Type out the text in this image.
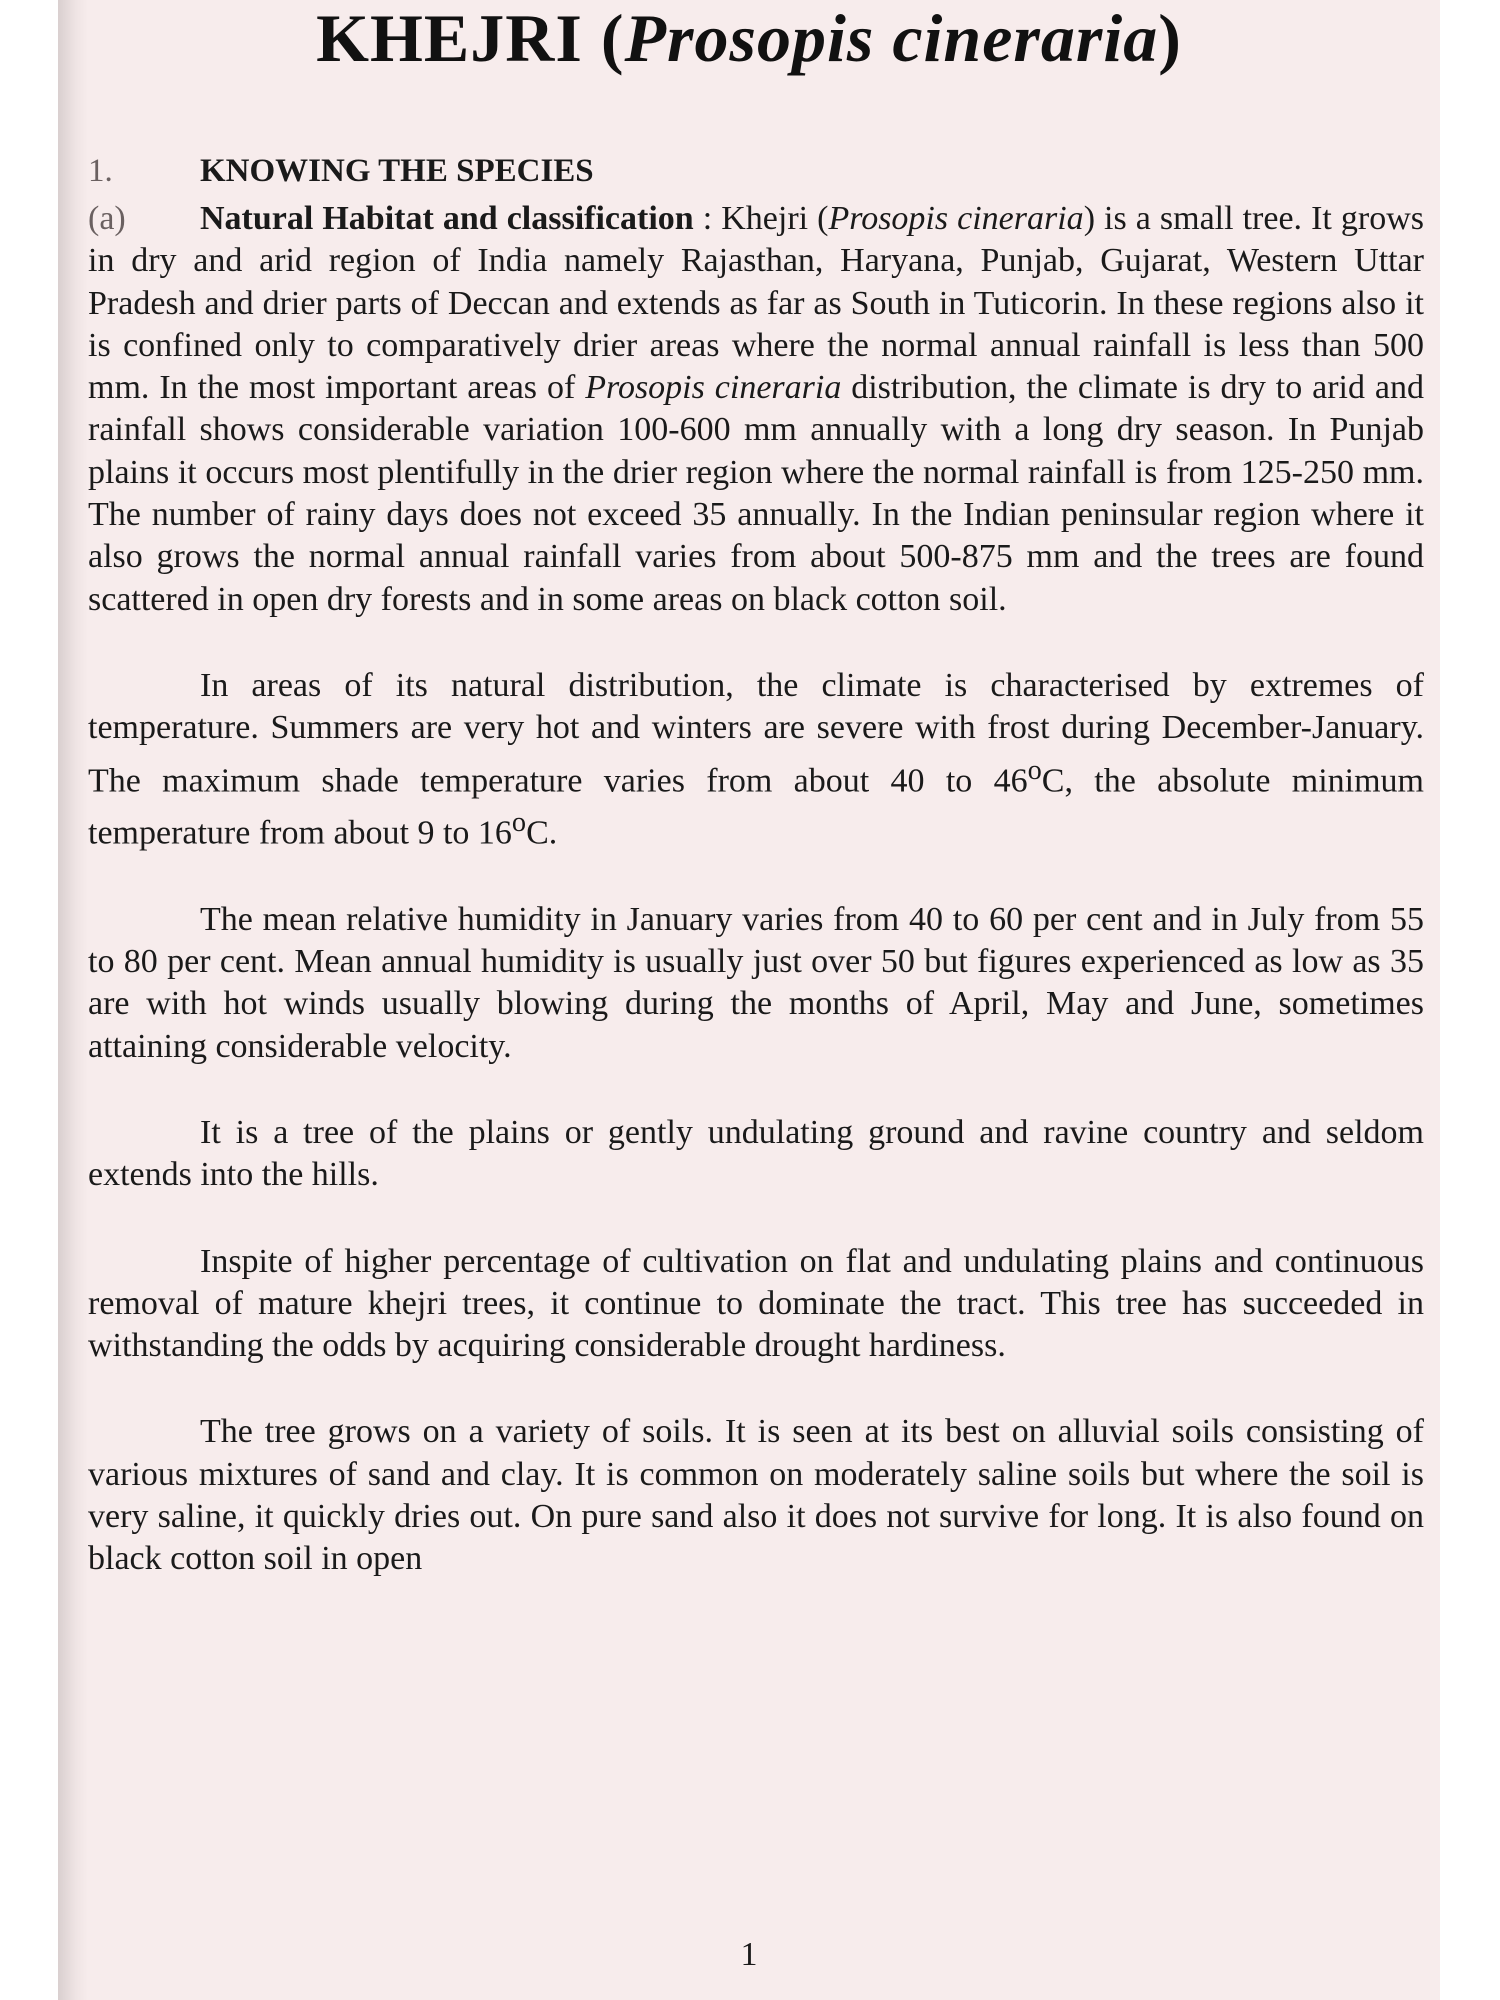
KHEJRI (Prosopis cineraria)
1.	KNOWING THE SPECIES

(a) Natural Habitat and classification : Khejri (Prosopis cineraria) is a small tree. It grows in dry and arid region of India namely Rajasthan, Haryana, Punjab, Gujarat, Western Uttar Pradesh and drier parts of Deccan and extends as far as South in Tuticorin. In these regions also it is confined only to comparatively drier areas where the normal annual rainfall is less than 500 mm. In the most important areas of Prosopis cineraria distribution, the climate is dry to arid and rainfall shows considerable variation 100-600 mm annually with a long dry season. In Punjab plains it occurs most plentifully in the drier region where the normal rainfall is from 125-250 mm. The number of rainy days does not exceed 35 annually. In the Indian peninsular region where it also grows the normal annual rainfall varies from about 500-875 mm and the trees are found scattered in open dry forests and in some areas on black cotton soil.

In areas of its natural distribution, the climate is characterised by extremes of temperature. Summers are very hot and winters are severe with frost during December-January. The maximum shade temperature varies from about 40 to 46$^o$C, the absolute minimum temperature from about 9 to 16$^o$C.

The mean relative humidity in January varies from 40 to 60 per cent and in July from 55 to 80 per cent. Mean annual humidity is usually just over 50 but figures experienced as low as 35 are with hot winds usually blowing during the months of April, May and June, sometimes attaining considerable velocity.

It is a tree of the plains or gently undulating ground and ravine country and seldom extends into the hills.

Inspite of higher percentage of cultivation on flat and undulating plains and continuous removal of mature khejri trees, it continue to dominate the tract. This tree has succeeded in withstanding the odds by acquiring considerable drought hardiness.

The tree grows on a variety of soils. It is seen at its best on alluvial soils consisting of various mixtures of sand and clay. It is common on moderately saline soils but where the soil is very saline, it quickly dries out. On pure sand also it does not survive for long. It is also found on black cotton soil in open

1
